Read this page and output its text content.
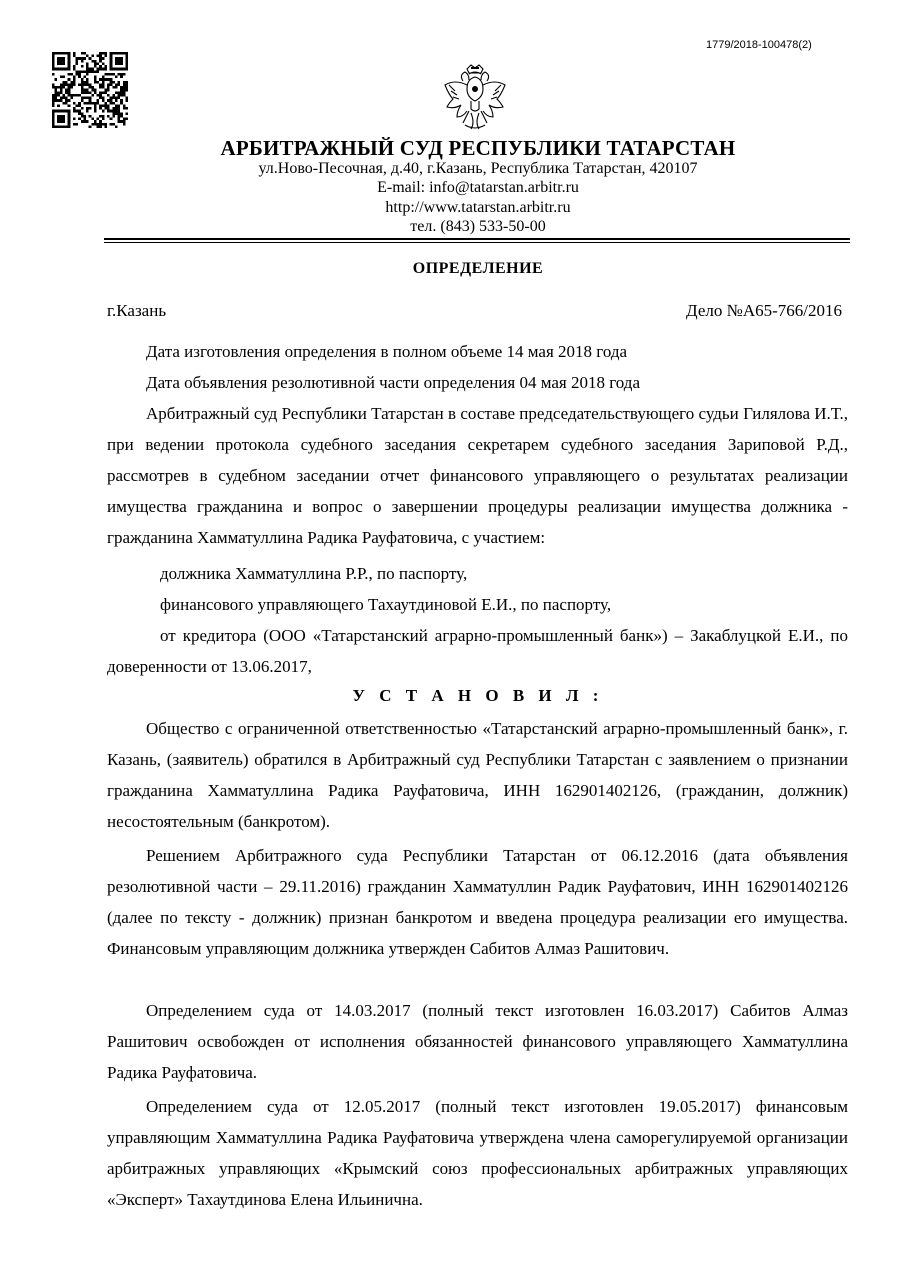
1779/2018-100478(2)
АРБИТРАЖНЫЙ СУД РЕСПУБЛИКИ ТАТАРСТАН
ул.Ново-Песочная, д.40, г.Казань, Республика Татарстан, 420107
E-mail: info@tatarstan.arbitr.ru
http://www.tatarstan.arbitr.ru
тел. (843) 533-50-00
ОПРЕДЕЛЕНИЕ
г.Казань	Дело №А65-766/2016

Дата изготовления определения в полном объеме 14 мая 2018 года

Дата объявления резолютивной части определения 04 мая 2018 года

Арбитражный суд Республики Татарстан в составе председательствующего судьи Гилялова И.Т., при ведении протокола судебного заседания секретарем судебного заседания Зариповой Р.Д., рассмотрев в судебном заседании отчет финансового управляющего о результатах реализации имущества гражданина и вопрос о завершении процедуры реализации имущества должника - гражданина Хамматуллина Радика Рауфатовича, с участием:

должника Хамматуллина Р.Р., по паспорту,

финансового управляющего Тахаутдиновой Е.И., по паспорту,

от кредитора (ООО «Татарстанский аграрно-промышленный банк») – Закаблуцкой Е.И., по доверенности от 13.06.2017,

У С Т А Н О В И Л :

Общество с ограниченной ответственностью «Татарстанский аграрно-промышленный банк», г. Казань, (заявитель) обратился в Арбитражный суд Республики Татарстан с заявлением о признании гражданина Хамматуллина Радика Рауфатовича, ИНН 162901402126, (гражданин, должник) несостоятельным (банкротом).

Решением Арбитражного суда Республики Татарстан от 06.12.2016 (дата объявления резолютивной части – 29.11.2016) гражданин Хамматуллин Радик Рауфатович, ИНН 162901402126 (далее по тексту - должник) признан банкротом и введена процедура реализации его имущества. Финансовым управляющим должника утвержден Сабитов Алмаз Рашитович.

Определением суда от 14.03.2017 (полный текст изготовлен 16.03.2017) Сабитов Алмаз Рашитович освобожден от исполнения обязанностей финансового управляющего Хамматуллина Радика Рауфатовича.

Определением суда от 12.05.2017 (полный текст изготовлен 19.05.2017) финансовым управляющим Хамматуллина Радика Рауфатовича утверждена члена саморегулируемой организации арбитражных управляющих «Крымский союз профессиональных арбитражных управляющих «Эксперт» Тахаутдинова Елена Ильинична.
